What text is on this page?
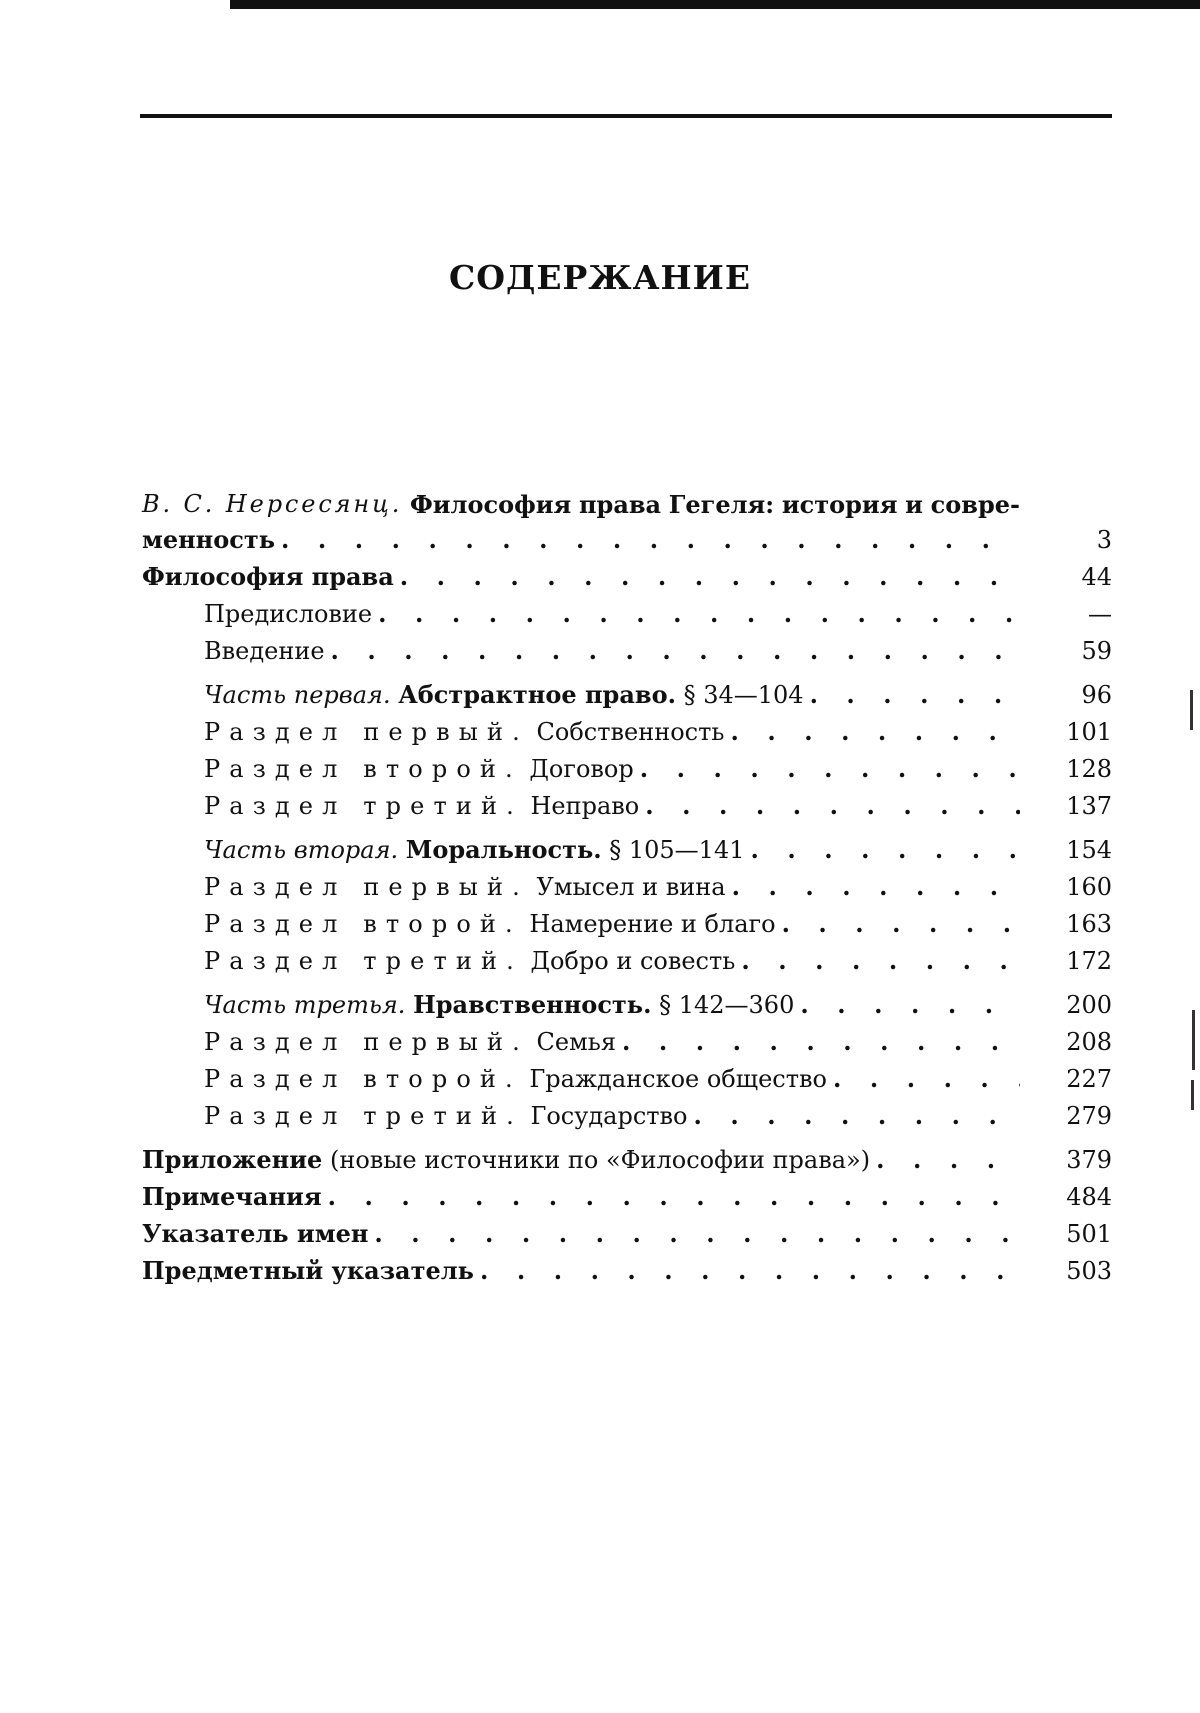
СОДЕРЖАНИЕ
В. С. Нерсесянц. Философия права Гегеля: история и совре-
менность . . .	3
Философия права . . .	44
Предисловие . . .	—
Введение . . .	59
Часть первая. Абстрактное право. § 34—104 . . .	96
Раздел первый. Собственность . . .	101
Раздел второй. Договор . . .	128
Раздел третий. Неправо . . .	137
Часть вторая. Моральность. § 105—141 . . .	154
Раздел первый. Умысел и вина . . .	160
Раздел второй. Намерение и благо . . .	163
Раздел третий. Добро и совесть . . .	172
Часть третья. Нравственность. § 142—360 . . .	200
Раздел первый. Семья . . .	208
Раздел второй. Гражданское общество . . .	227
Раздел третий. Государство . . .	279
Приложение (новые источники по «Философии права») . . .	379
Примечания . . .	484
Указатель имен . . .	501
Предметный указатель . . .	503
